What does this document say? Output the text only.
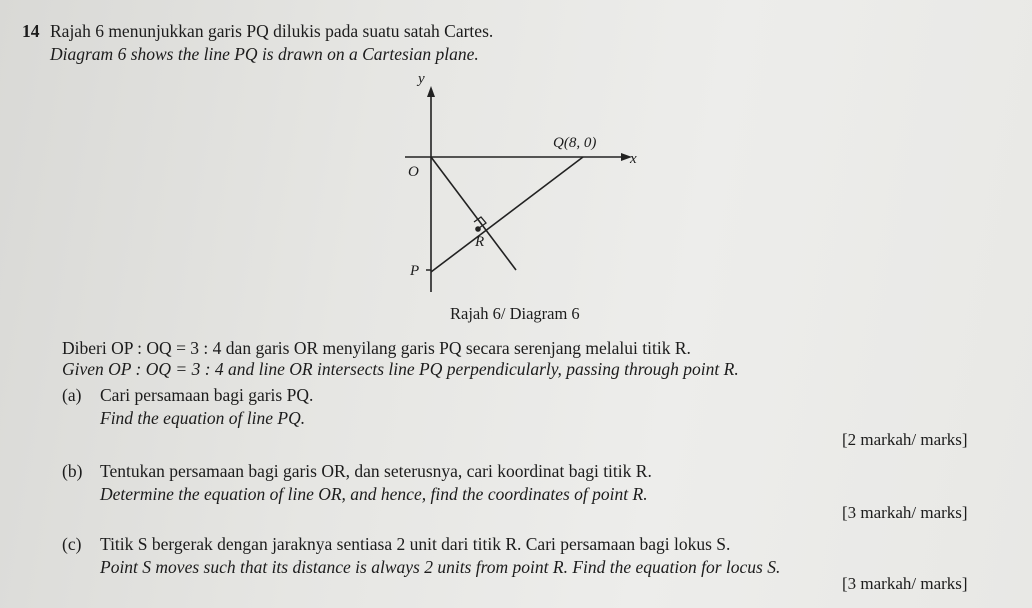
14 Rajah 6 menunjukkan garis PQ dilukis pada suatu satah Cartes.
Diagram 6 shows the line PQ is drawn on a Cartesian plane.
y
x
O
Q(8, 0)
R
P
Rajah 6/ Diagram 6
Diberi OP : OQ = 3 : 4 dan garis OR menyilang garis PQ secara serenjang melalui titik R.
Given OP : OQ = 3 : 4 and line OR intersects line PQ perpendicularly, passing through point R.
(a) Cari persamaan bagi garis PQ.
Find the equation of line PQ.
[2 markah/ marks]
(b) Tentukan persamaan bagi garis OR, dan seterusnya, cari koordinat bagi titik R.
Determine the equation of line OR, and hence, find the coordinates of point R.
[3 markah/ marks]
(c) Titik S bergerak dengan jaraknya sentiasa 2 unit dari titik R. Cari persamaan bagi lokus S.
Point S moves such that its distance is always 2 units from point R. Find the equation for locus S.
[3 markah/ marks]
